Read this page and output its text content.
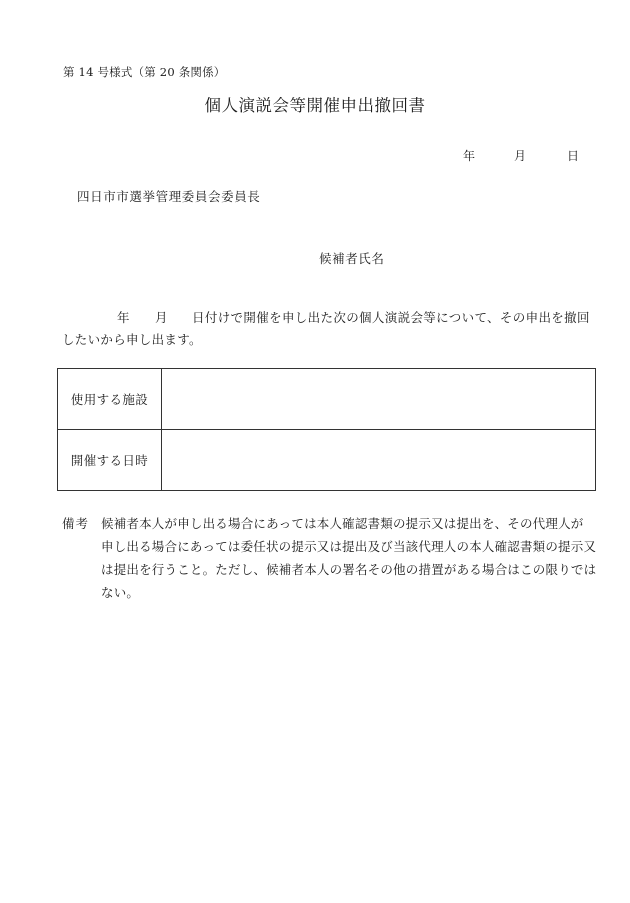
第 14 号様式（第 20 条関係）
個人演説会等開催申出撤回書
年	月	日
四日市市選挙管理委員会委員長
候補者氏名
年 月 日付けで開催を申し出た次の個人演説会等について、その申出を撤回
したいから申し出ます。
使用する施設	
開催する日時	
備考 候補者本人が申し出る場合にあっては本人確認書類の提示又は提出を、その代理人が
申し出る場合にあっては委任状の提示又は提出及び当該代理人の本人確認書類の提示又
は提出を行うこと。ただし、候補者本人の署名その他の措置がある場合はこの限りでは
ない。
